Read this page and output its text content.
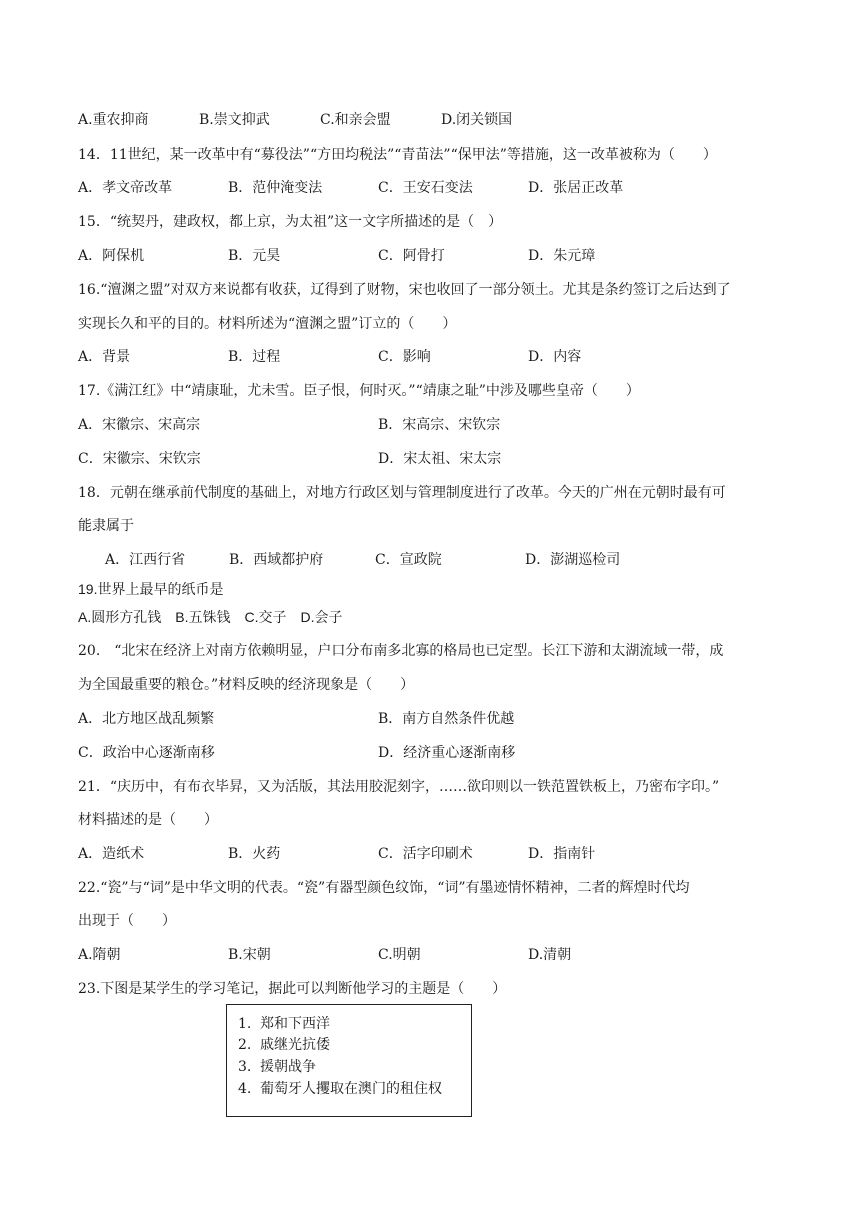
A.重农抑商	B.崇文抑武	C.和亲会盟	D.闭关锁国
14．11世纪，某一改革中有“募役法”“方田均税法”“青苗法”“保甲法”等措施，这一改革被称为（　　）
A．孝文帝改革	B．范仲淹变法	C．王安石变法	D．张居正改革
15．“统契丹，建政权，都上京，为太祖”这一文字所描述的是（　）
A．阿保机	B．元昊	C．阿骨打	D．朱元璋
16.“澶渊之盟”对双方来说都有收获，辽得到了财物，宋也收回了一部分领土。尤其是条约签订之后达到了
实现长久和平的目的。材料所述为“澶渊之盟”订立的（　　）
A．背景	B．过程	C．影响	D．内容
17.《满江红》中“靖康耻，尤未雪。臣子恨，何时灭。”“靖康之耻”中涉及哪些皇帝（　　）
A．宋徽宗、宋高宗	B．宋高宗、宋钦宗
C．宋徽宗、宋钦宗	D．宋太祖、宋太宗
18．元朝在继承前代制度的基础上，对地方行政区划与管理制度进行了改革。今天的广州在元朝时最有可
能隶属于
A．江西行省	B．西域都护府	C．宣政院	D．澎湖巡检司
19.世界上最早的纸币是
A.圆形方孔钱　B.五铢钱　C.交子　D.会子
20.　“北宋在经济上对南方依赖明显，户口分布南多北寡的格局也已定型。长江下游和太湖流域一带，成
为全国最重要的粮仓。”材料反映的经济现象是（　　）
A．北方地区战乱频繁	B．南方自然条件优越
C．政治中心逐渐南移	D．经济重心逐渐南移
21．“庆历中，有布衣毕昇，又为活版，其法用胶泥刻字，……欲印则以一铁范置铁板上，乃密布字印。”
材料描述的是（　　）
A．造纸术	B．火药	C．活字印刷术	D．指南针
22.“瓷”与“词”是中华文明的代表。“瓷”有器型颜色纹饰，“词”有墨迹情怀精神，二者的辉煌时代均
出现于（　　）
A.隋朝	B.宋朝	C.明朝	D.清朝
23.下图是某学生的学习笔记，据此可以判断他学习的主题是（　　）
1. 郑和下西洋
2. 戚继光抗倭
3. 援朝战争
4. 葡萄牙人攫取在澳门的租住权
